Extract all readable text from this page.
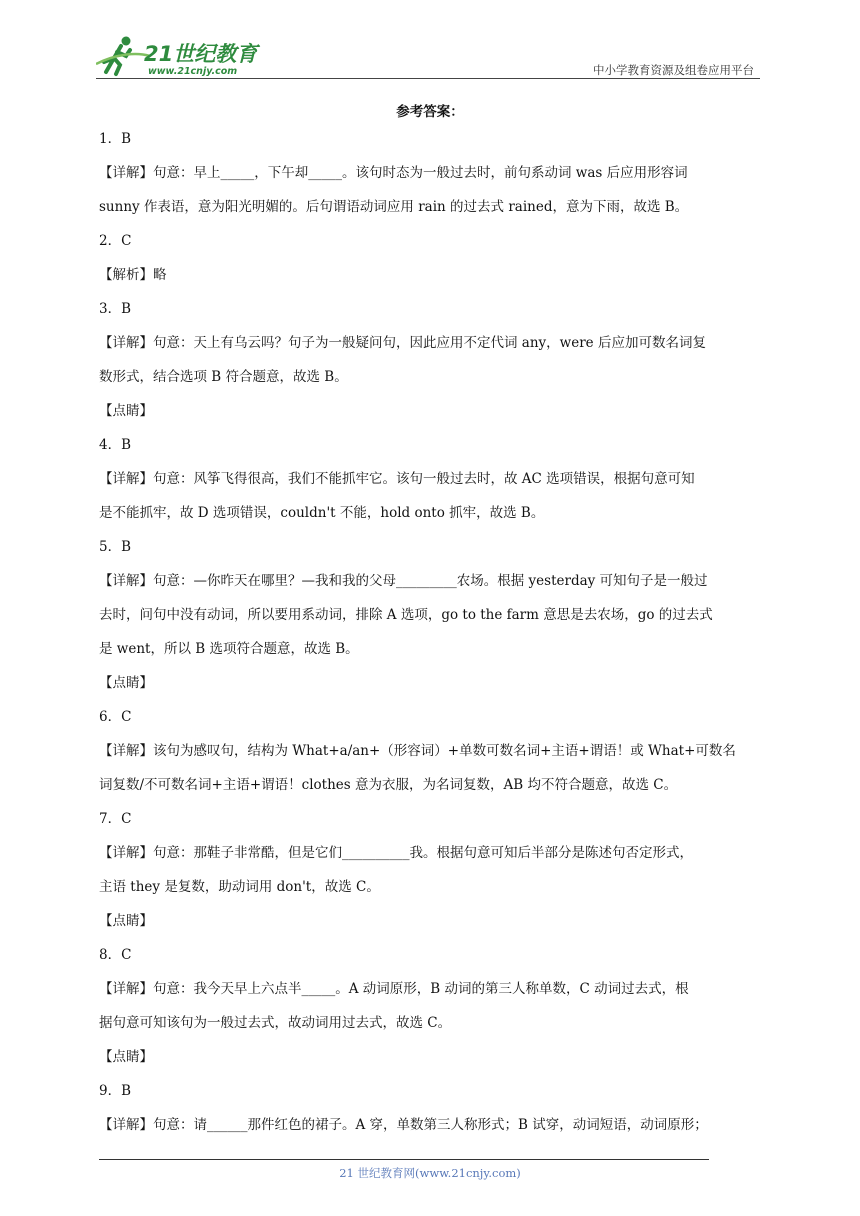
21世纪教育
www.21cnjy.com	中小学教育资源及组卷应用平台
参考答案：
1．B
【详解】句意：早上_____，下午却_____。该句时态为一般过去时，前句系动词 was 后应用形容词
sunny 作表语，意为阳光明媚的。后句谓语动词应用 rain 的过去式 rained，意为下雨，故选 B。
2．C
【解析】略
3．B
【详解】句意：天上有乌云吗？句子为一般疑问句，因此应用不定代词 any，were 后应加可数名词复
数形式，结合选项 B 符合题意，故选 B。
【点睛】
4．B
【详解】句意：风筝飞得很高，我们不能抓牢它。该句一般过去时，故 AC 选项错误，根据句意可知
是不能抓牢，故 D 选项错误，couldn't 不能，hold onto 抓牢，故选 B。
5．B
【详解】句意：—你昨天在哪里？—我和我的父母_________农场。根据 yesterday 可知句子是一般过
去时，问句中没有动词，所以要用系动词，排除 A 选项，go to the farm 意思是去农场，go 的过去式
是 went，所以 B 选项符合题意，故选 B。
【点睛】
6．C
【详解】该句为感叹句，结构为 What+a/an+（形容词）+单数可数名词+主语+谓语！或 What+可数名
词复数/不可数名词+主语+谓语！clothes 意为衣服，为名词复数，AB 均不符合题意，故选 C。
7．C
【详解】句意：那鞋子非常酷，但是它们__________我。根据句意可知后半部分是陈述句否定形式，
主语 they 是复数，助动词用 don't，故选 C。
【点睛】
8．C
【详解】句意：我今天早上六点半_____。A 动词原形，B 动词的第三人称单数，C 动词过去式，根
据句意可知该句为一般过去式，故动词用过去式，故选 C。
【点睛】
9．B
【详解】句意：请______那件红色的裙子。A 穿，单数第三人称形式；B 试穿，动词短语，动词原形；
21 世纪教育网(www.21cnjy.com)
